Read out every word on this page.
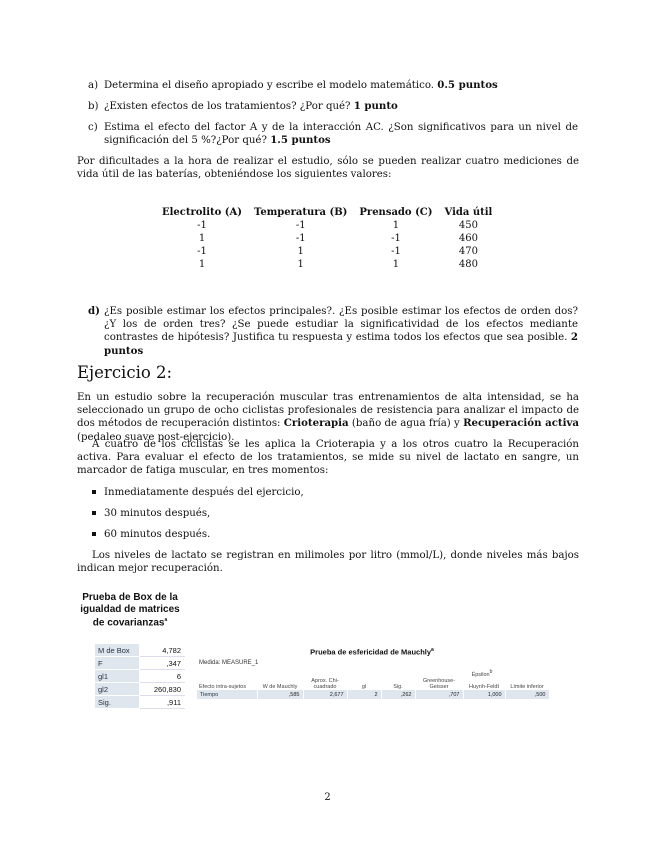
a) Determina el diseño apropiado y escribe el modelo matemático. 0.5 puntos
b) ¿Existen efectos de los tratamientos? ¿Por qué? 1 punto
c) Estima el efecto del factor A y de la interacción AC. ¿Son significativos para un nivel de significación del 5 %?¿Por qué? 1.5 puntos
Por dificultades a la hora de realizar el estudio, sólo se pueden realizar cuatro mediciones de vida útil de las baterías, obteniéndose los siguientes valores:
Electrolito (A)	Temperatura (B)	Prensado (C)	Vida útil
-1	-1	1	450
1	-1	-1	460
-1	1	-1	470
1	1	1	480
d) ¿Es posible estimar los efectos principales?. ¿Es posible estimar los efectos de orden dos? ¿Y los de orden tres? ¿Se puede estudiar la significatividad de los efectos mediante contrastes de hipótesis? Justifica tu respuesta y estima todos los efectos que sea posible. 2 puntos
Ejercicio 2:
En un estudio sobre la recuperación muscular tras entrenamientos de alta intensidad, se ha seleccionado un grupo de ocho ciclistas profesionales de resistencia para analizar el impacto de dos métodos de recuperación distintos: Crioterapia (baño de agua fría) y Recuperación activa (pedaleo suave post-ejercicio).
A cuatro de los ciclistas se les aplica la Crioterapia y a los otros cuatro la Recuperación activa. Para evaluar el efecto de los tratamientos, se mide su nivel de lactato en sangre, un marcador de fatiga muscular, en tres momentos:
Inmediatamente después del ejercicio,
30 minutos después,
60 minutos después.
Los niveles de lactato se registran en milimoles por litro (mmol/L), donde niveles más bajos indican mejor recuperación.
Prueba de Box de la igualdad de matrices de covarianzas$^a$
M de Box	4,782
F	,347
gl1	6
gl2	260,830
Sig.	,911
Prueba de esfericidad de Mauchly$^a$
Medida: MEASURE_1
					Épsilonb		
Efecto intra-sujetos	W de Mauchly	Aprox. Chi-cuadrado	gl	Sig.	Greenhouse-Geisser	Huynh-Feldt	Límite inferior
Tiempo	,585	2,677	2	,262	,707	1,000	,500
2
